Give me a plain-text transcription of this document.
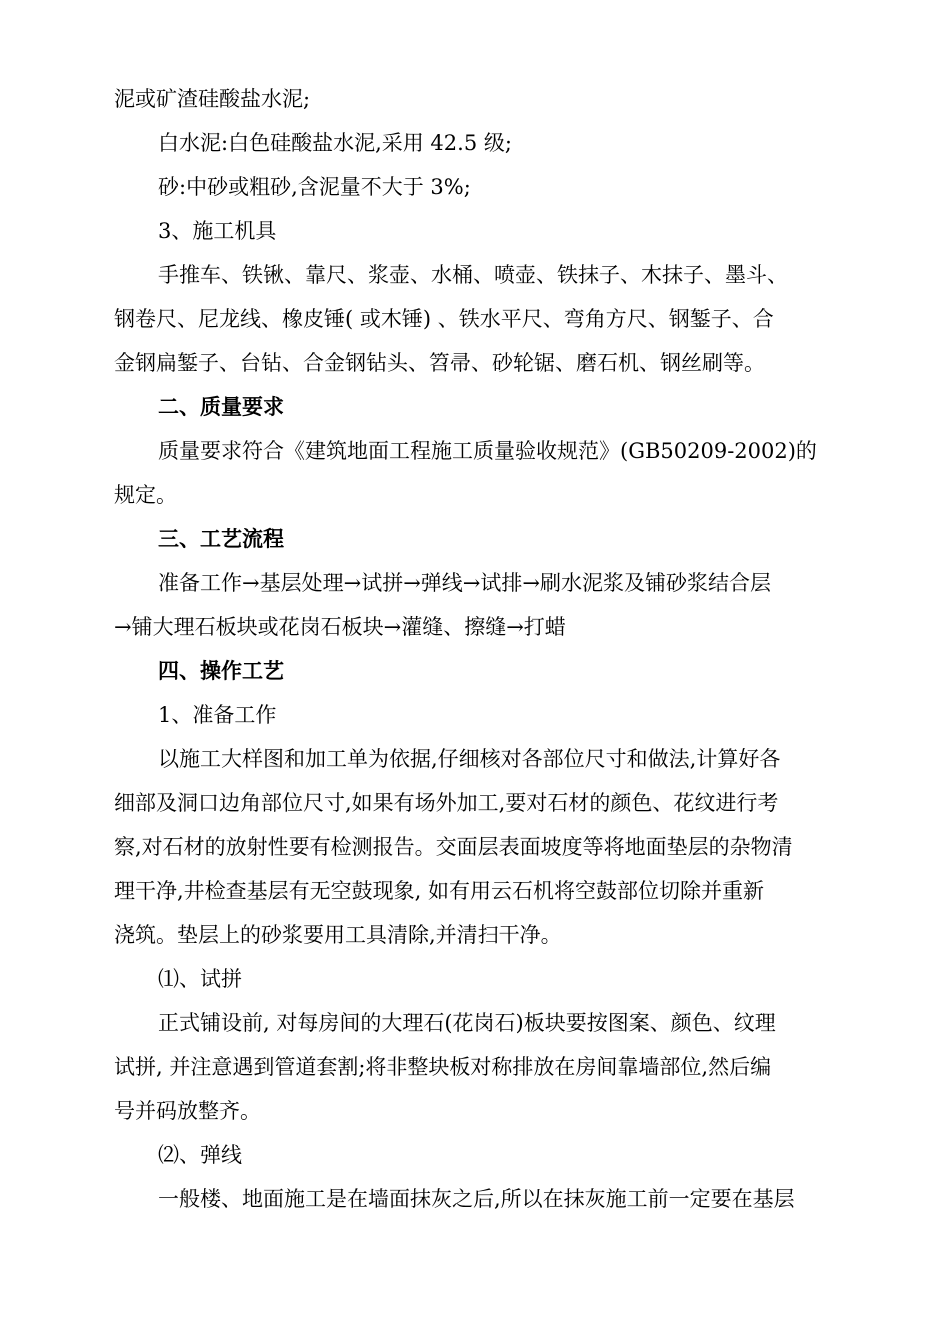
泥或矿渣硅酸盐水泥;
白水泥:白色硅酸盐水泥,采用 42.5 级;
砂:中砂或粗砂,含泥量不大于 3%;
3、施工机具
手推车、铁锹、靠尺、浆壶、水桶、喷壶、铁抹子、木抹子、墨斗、
钢卷尺、尼龙线、橡皮锤( 或木锤) 、铁水平尺、弯角方尺、钢錾子、合
金钢扁錾子、台钻、合金钢钻头、笤帚、砂轮锯、磨石机、钢丝刷等。
二、质量要求
质量要求符合《建筑地面工程施工质量验收规范》(GB50209-2002)的
规定。
三、工艺流程
准备工作→基层处理→试拼→弹线→试排→刷水泥浆及铺砂浆结合层
→铺大理石板块或花岗石板块→灌缝、擦缝→打蜡
四、操作工艺
1、准备工作
以施工大样图和加工单为依据,仔细核对各部位尺寸和做法,计算好各
细部及洞口边角部位尺寸,如果有场外加工,要对石材的颜色、花纹进行考
察,对石材的放射性要有检测报告。交面层表面坡度等将地面垫层的杂物清
理干净,井检查基层有无空鼓现象, 如有用云石机将空鼓部位切除并重新
浇筑。垫层上的砂浆要用工具清除,并清扫干净。
⑴、试拼
正式铺设前, 对每房间的大理石(花岗石)板块要按图案、颜色、纹理
试拼, 并注意遇到管道套割;将非整块板对称排放在房间靠墙部位,然后编
号并码放整齐。
⑵、弹线
一般楼、地面施工是在墙面抹灰之后,所以在抹灰施工前一定要在基层
